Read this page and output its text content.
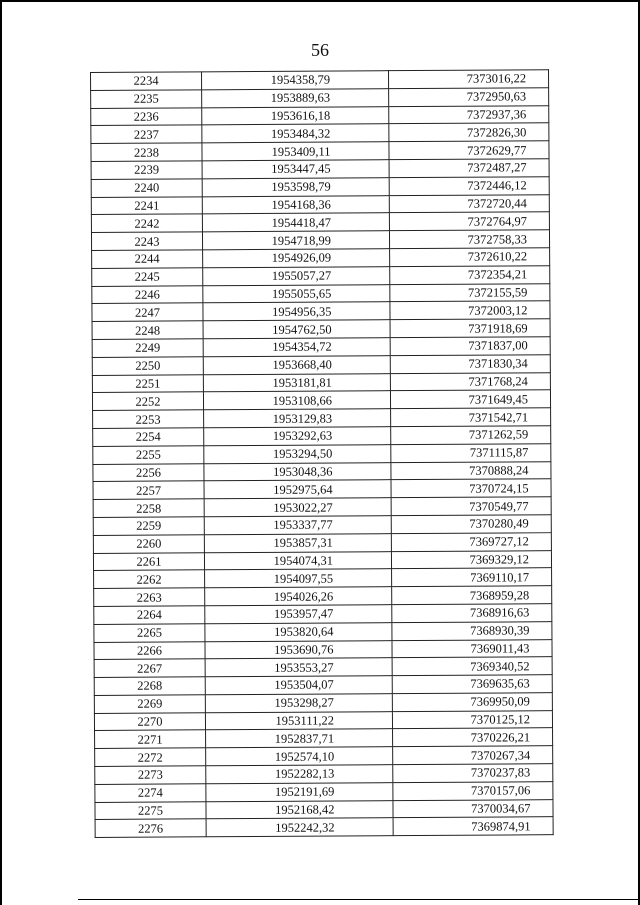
56
2234	1954358,79	7373016,22
2235	1953889,63	7372950,63
2236	1953616,18	7372937,36
2237	1953484,32	7372826,30
2238	1953409,11	7372629,77
2239	1953447,45	7372487,27
2240	1953598,79	7372446,12
2241	1954168,36	7372720,44
2242	1954418,47	7372764,97
2243	1954718,99	7372758,33
2244	1954926,09	7372610,22
2245	1955057,27	7372354,21
2246	1955055,65	7372155,59
2247	1954956,35	7372003,12
2248	1954762,50	7371918,69
2249	1954354,72	7371837,00
2250	1953668,40	7371830,34
2251	1953181,81	7371768,24
2252	1953108,66	7371649,45
2253	1953129,83	7371542,71
2254	1953292,63	7371262,59
2255	1953294,50	7371115,87
2256	1953048,36	7370888,24
2257	1952975,64	7370724,15
2258	1953022,27	7370549,77
2259	1953337,77	7370280,49
2260	1953857,31	7369727,12
2261	1954074,31	7369329,12
2262	1954097,55	7369110,17
2263	1954026,26	7368959,28
2264	1953957,47	7368916,63
2265	1953820,64	7368930,39
2266	1953690,76	7369011,43
2267	1953553,27	7369340,52
2268	1953504,07	7369635,63
2269	1953298,27	7369950,09
2270	1953111,22	7370125,12
2271	1952837,71	7370226,21
2272	1952574,10	7370267,34
2273	1952282,13	7370237,83
2274	1952191,69	7370157,06
2275	1952168,42	7370034,67
2276	1952242,32	7369874,91
